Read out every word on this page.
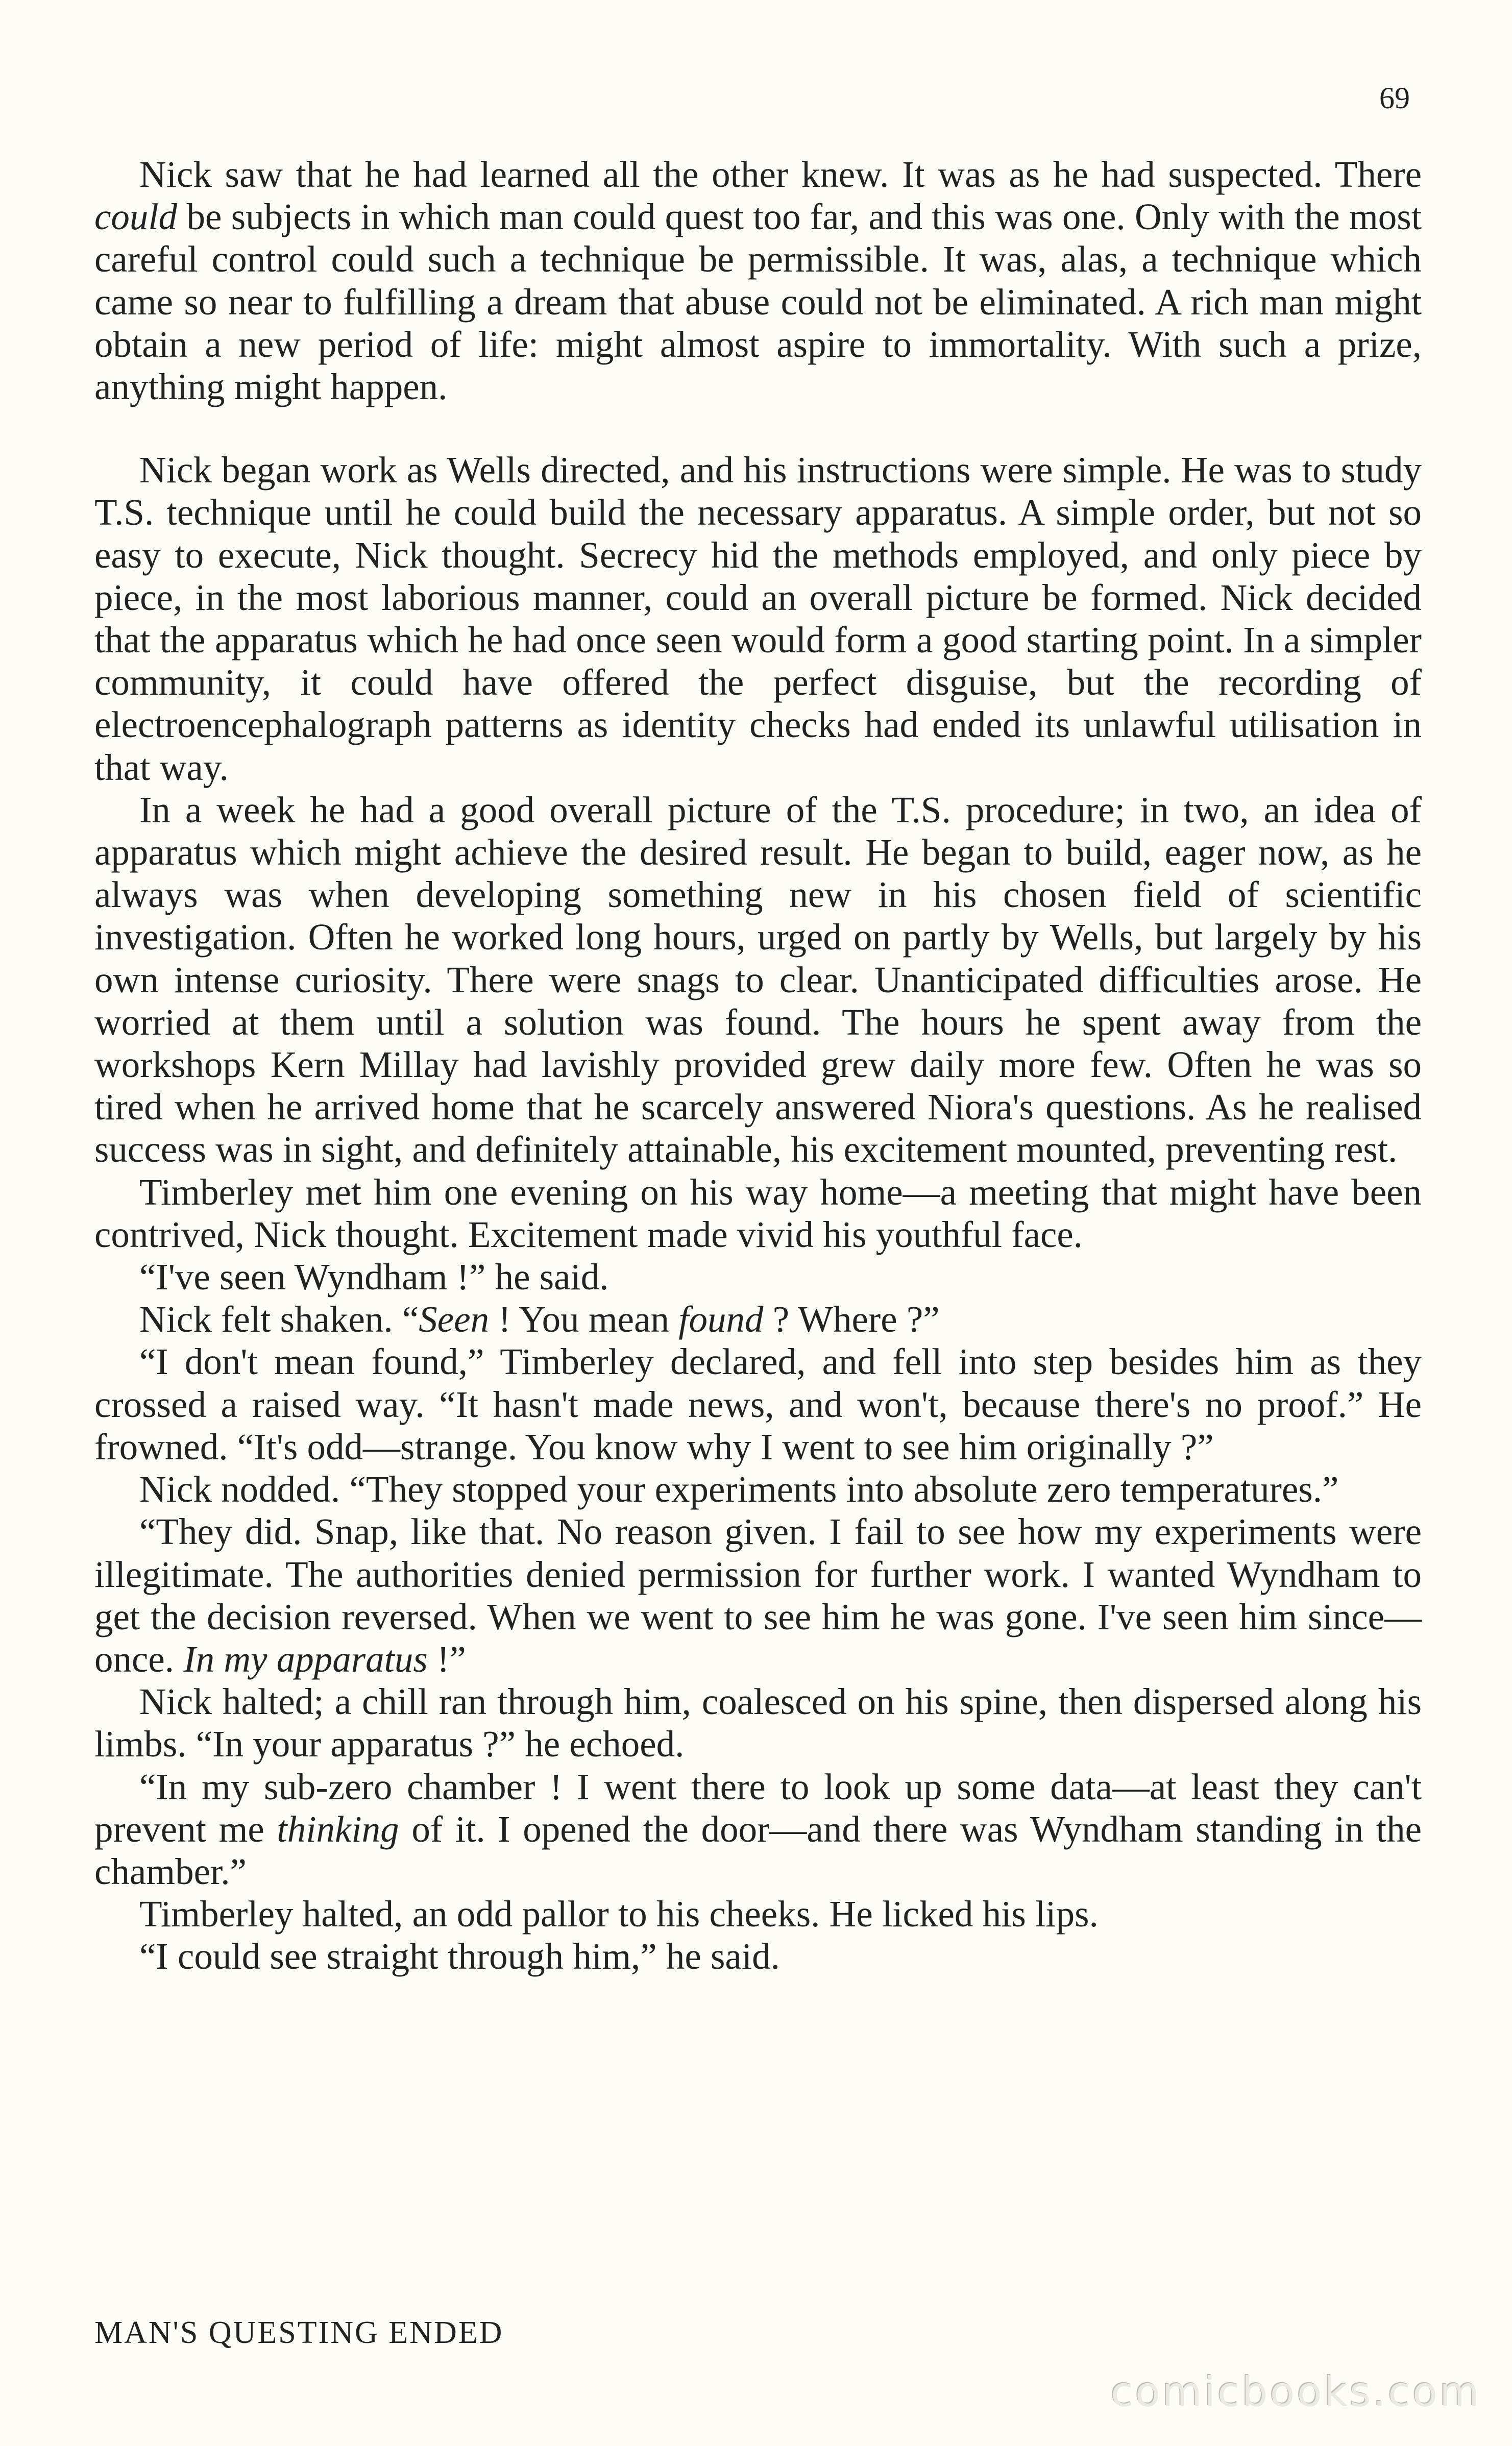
69

Nick saw that he had learned all the other knew. It was as he had suspected. There could be subjects in which man could quest too far, and this was one. Only with the most careful control could such a technique be permissible. It was, alas, a technique which came so near to fulfilling a dream that abuse could not be eliminated. A rich man might obtain a new period of life: might almost aspire to immortality. With such a prize, anything might happen.

Nick began work as Wells directed, and his instructions were simple. He was to study T.S. technique until he could build the necessary apparatus. A simple order, but not so easy to execute, Nick thought. Secrecy hid the methods employed, and only piece by piece, in the most laborious manner, could an overall picture be formed. Nick decided that the apparatus which he had once seen would form a good starting point. In a simpler community, it could have offered the perfect disguise, but the recording of electroencephalograph patterns as identity checks had ended its unlawful utilisation in that way.

In a week he had a good overall picture of the T.S. procedure; in two, an idea of apparatus which might achieve the desired result. He began to build, eager now, as he always was when developing something new in his chosen field of scientific investigation. Often he worked long hours, urged on partly by Wells, but largely by his own intense curiosity. There were snags to clear. Unanticipated difficulties arose. He worried at them until a solution was found. The hours he spent away from the workshops Kern Millay had lavishly provided grew daily more few. Often he was so tired when he arrived home that he scarcely answered Niora's questions. As he realised success was in sight, and definitely attainable, his excitement mounted, preventing rest.

Timberley met him one evening on his way home—a meeting that might have been contrived, Nick thought. Excitement made vivid his youthful face.

“I've seen Wyndham !” he said.

Nick felt shaken. “Seen ! You mean found ? Where ?”

“I don't mean found,” Timberley declared, and fell into step besides him as they crossed a raised way. “It hasn't made news, and won't, because there's no proof.” He frowned. “It's odd—strange. You know why I went to see him originally ?”

Nick nodded. “They stopped your experiments into absolute zero temperatures.”

“They did. Snap, like that. No reason given. I fail to see how my experiments were illegitimate. The authorities denied permission for further work. I wanted Wyndham to get the decision reversed. When we went to see him he was gone. I've seen him since—once. In my apparatus !”

Nick halted; a chill ran through him, coalesced on his spine, then dispersed along his limbs. “In your apparatus ?” he echoed.

“In my sub-zero chamber ! I went there to look up some data—at least they can't prevent me thinking of it. I opened the door—and there was Wyndham standing in the chamber.”

Timberley halted, an odd pallor to his cheeks. He licked his lips.

“I could see straight through him,” he said.

MAN'S QUESTING ENDED
comicbooks.com
